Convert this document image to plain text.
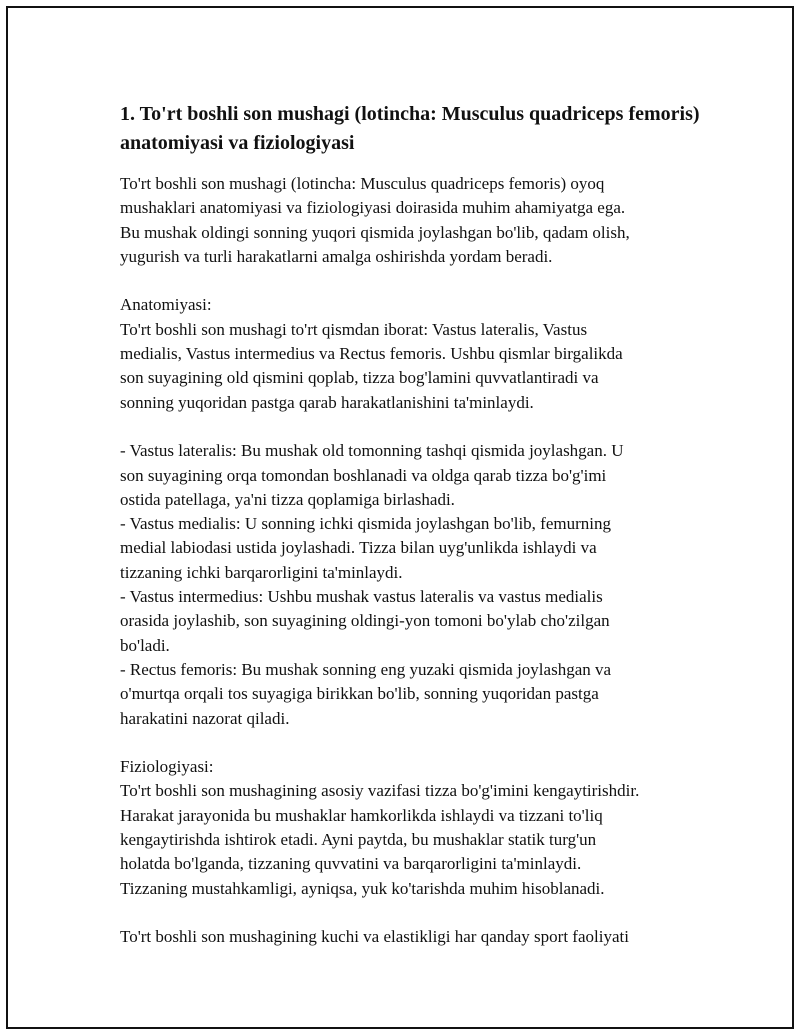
1. To'rt boshli son mushagi (lotincha: Musculus quadriceps femoris) anatomiyasi va fiziologiyasi

To'rt boshli son mushagi (lotincha: Musculus quadriceps femoris) oyoq
mushaklari anatomiyasi va fiziologiyasi doirasida muhim ahamiyatga ega.
Bu mushak oldingi sonning yuqori qismida joylashgan bo'lib, qadam olish,
yugurish va turli harakatlarni amalga oshirishda yordam beradi.

Anatomiyasi:
To'rt boshli son mushagi to'rt qismdan iborat: Vastus lateralis, Vastus
medialis, Vastus intermedius va Rectus femoris. Ushbu qismlar birgalikda
son suyagining old qismini qoplab, tizza bog'lamini quvvatlantiradi va
sonning yuqoridan pastga qarab harakatlanishini ta'minlaydi.

- Vastus lateralis: Bu mushak old tomonning tashqi qismida joylashgan. U
son suyagining orqa tomondan boshlanadi va oldga qarab tizza bo'g'imi
ostida patellaga, ya'ni tizza qoplamiga birlashadi.
- Vastus medialis: U sonning ichki qismida joylashgan bo'lib, femurning
medial labiodasi ustida joylashadi. Tizza bilan uyg'unlikda ishlaydi va
tizzaning ichki barqarorligini ta'minlaydi.
- Vastus intermedius: Ushbu mushak vastus lateralis va vastus medialis
orasida joylashib, son suyagining oldingi-yon tomoni bo'ylab cho'zilgan
bo'ladi.
- Rectus femoris: Bu mushak sonning eng yuzaki qismida joylashgan va
o'murtqa orqali tos suyagiga birikkan bo'lib, sonning yuqoridan pastga
harakatini nazorat qiladi.

Fiziologiyasi:
To'rt boshli son mushagining asosiy vazifasi tizza bo'g'imini kengaytirishdir.
Harakat jarayonida bu mushaklar hamkorlikda ishlaydi va tizzani to'liq
kengaytirishda ishtirok etadi. Ayni paytda, bu mushaklar statik turg'un
holatda bo'lganda, tizzaning quvvatini va barqarorligini ta'minlaydi.
Tizzaning mustahkamligi, ayniqsa, yuk ko'tarishda muhim hisoblanadi.

To'rt boshli son mushagining kuchi va elastikligi har qanday sport faoliyati
